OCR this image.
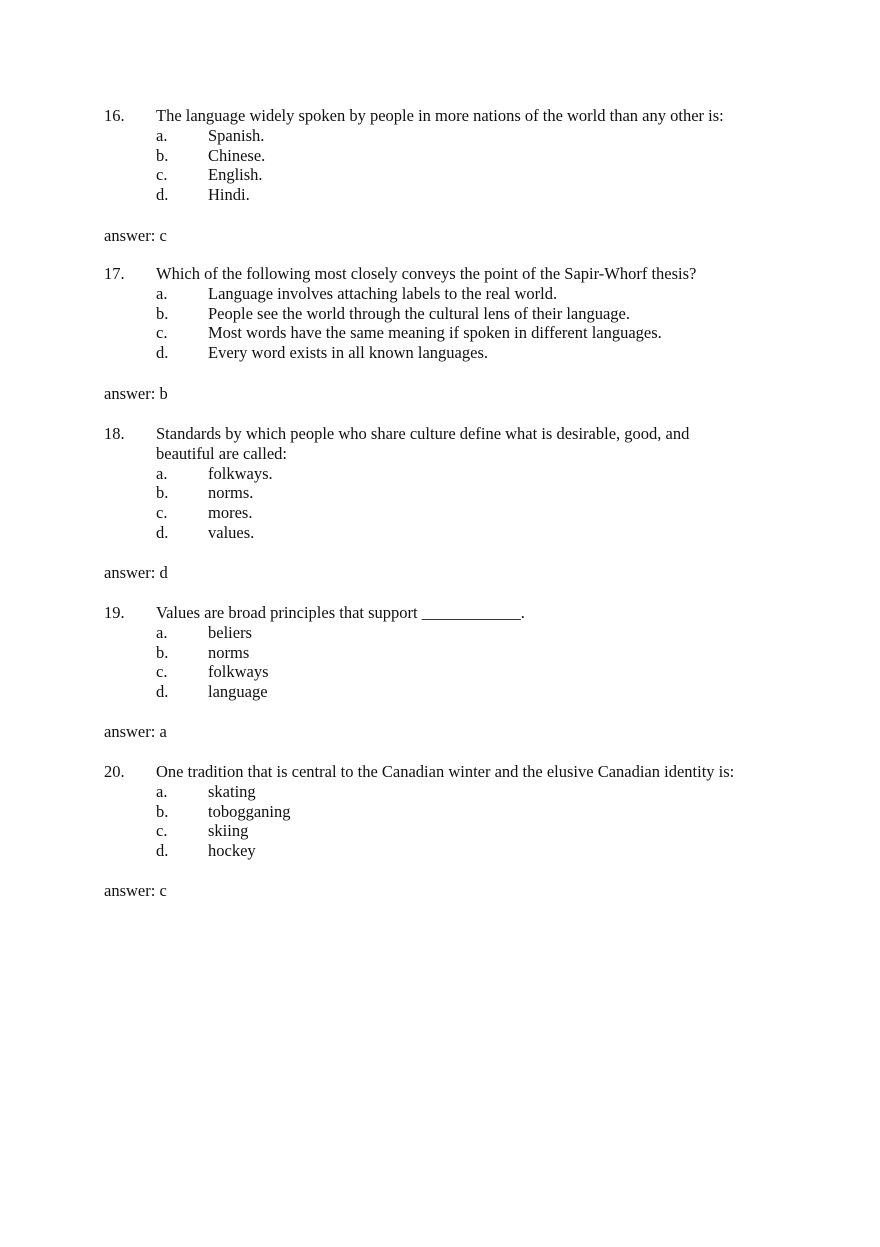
16. The language widely spoken by people in more nations of the world than any other is:
a. Spanish.
b. Chinese.
c. English.
d. Hindi.
answer: c
17. Which of the following most closely conveys the point of the Sapir-Whorf thesis?
a. Language involves attaching labels to the real world.
b. People see the world through the cultural lens of their language.
c. Most words have the same meaning if spoken in different languages.
d. Every word exists in all known languages.
answer: b
18. Standards by which people who share culture define what is desirable, good, and beautiful are called:
a. folkways.
b. norms.
c. mores.
d. values.
answer: d
19. Values are broad principles that support ____________.
a. beliers
b. norms
c. folkways
d. language
answer: a
20. One tradition that is central to the Canadian winter and the elusive Canadian identity is:
a. skating
b. tobogganing
c. skiing
d. hockey
answer: c
